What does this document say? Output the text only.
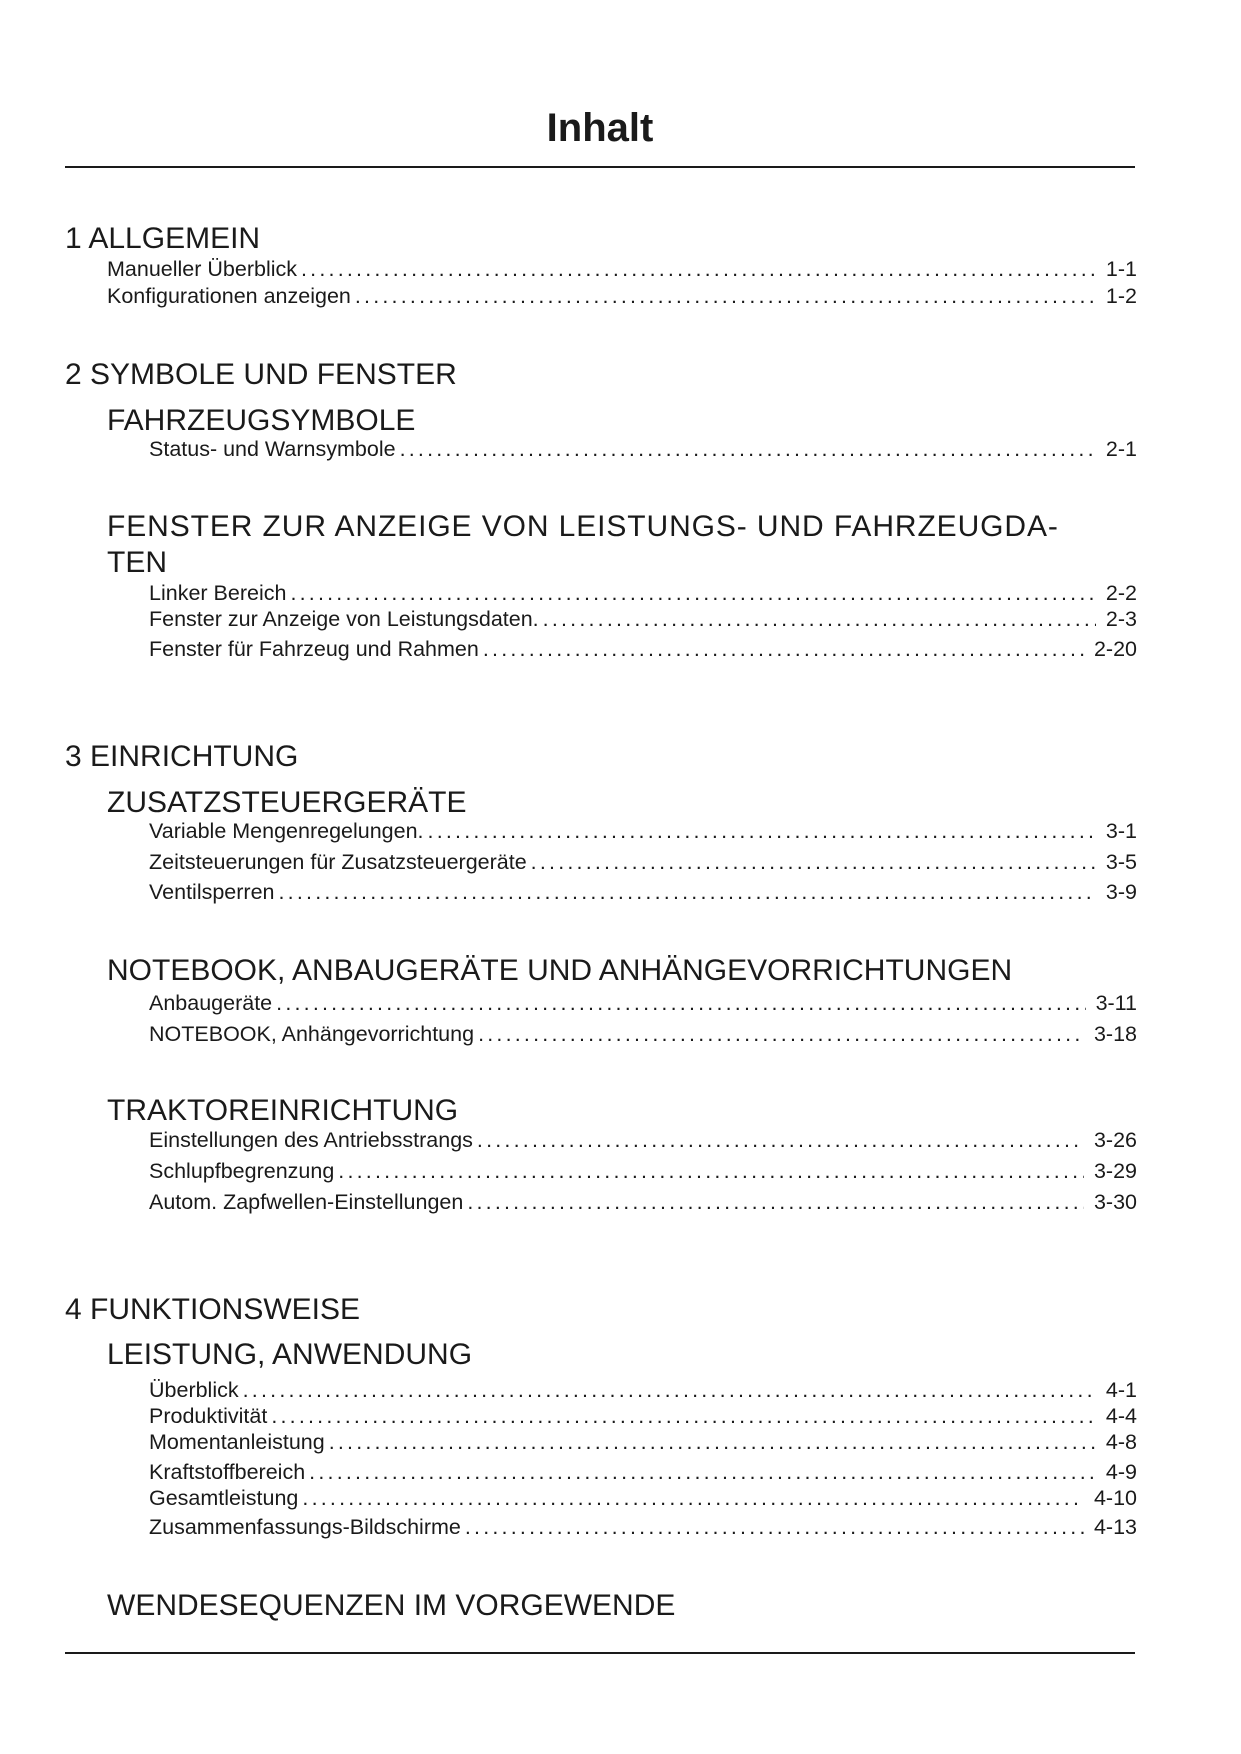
Inhalt
1 ALLGEMEIN
Manueller Überblick .....	1-1
Konfigurationen anzeigen .....	1-2
2 SYMBOLE UND FENSTER
FAHRZEUGSYMBOLE
Status- und Warnsymbole .....	2-1
FENSTER ZUR ANZEIGE VON LEISTUNGS- UND FAHRZEUGDA-
TEN
Linker Bereich .....	2-2
Fenster zur Anzeige von Leistungsdaten. .....	2-3
Fenster für Fahrzeug und Rahmen .....	2-20
3 EINRICHTUNG
ZUSATZSTEUERGERÄTE
Variable Mengenregelungen. .....	3-1
Zeitsteuerungen für Zusatzsteuergeräte .....	3-5
Ventilsperren .....	3-9
NOTEBOOK, ANBAUGERÄTE UND ANHÄNGEVORRICHTUNGEN
Anbaugeräte .....	3-11
NOTEBOOK, Anhängevorrichtung .....	3-18
TRAKTOREINRICHTUNG
Einstellungen des Antriebsstrangs .....	3-26
Schlupfbegrenzung .....	3-29
Autom. Zapfwellen-Einstellungen .....	3-30
4 FUNKTIONSWEISE
LEISTUNG, ANWENDUNG
Überblick .....	4-1
Produktivität .....	4-4
Momentanleistung .....	4-8
Kraftstoffbereich .....	4-9
Gesamtleistung .....	4-10
Zusammenfassungs-Bildschirme .....	4-13
WENDESEQUENZEN IM VORGEWENDE
